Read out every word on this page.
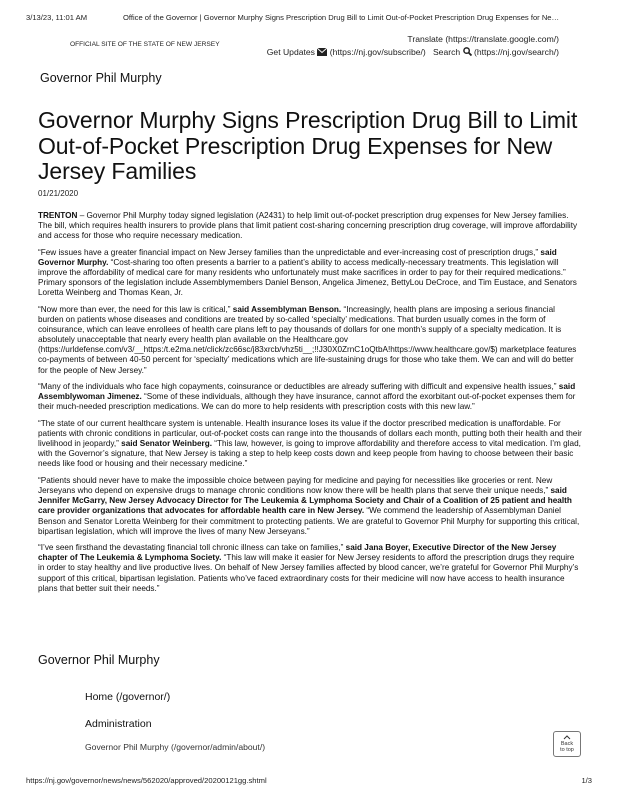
3/13/23, 11:01 AM	Office of the Governor | Governor Murphy Signs Prescription Drug Bill to Limit Out-of-Pocket Prescription Drug Expenses for Ne…
OFFICIAL SITE OF THE STATE OF NEW JERSEY
Translate (https://translate.google.com/)
Get Updates (https://nj.gov/subscribe/) Search (https://nj.gov/search/)
Governor Phil Murphy
Governor Murphy Signs Prescription Drug Bill to Limit Out-of-Pocket Prescription Drug Expenses for New Jersey Families
01/21/2020

TRENTON – Governor Phil Murphy today signed legislation (A2431) to help limit out-of-pocket prescription drug expenses for New Jersey families. The bill, which requires health insurers to provide plans that limit patient cost-sharing concerning prescription drug coverage, will improve affordability and access for those who require necessary medication.

“Few issues have a greater financial impact on New Jersey families than the unpredictable and ever-increasing cost of prescription drugs,” said Governor Murphy. “Cost-sharing too often presents a barrier to a patient’s ability to access medically-necessary treatments. This legislation will improve the affordability of medical care for many residents who unfortunately must make sacrifices in order to pay for their required medications.”

Primary sponsors of the legislation include Assemblymembers Daniel Benson, Angelica Jimenez, BettyLou DeCroce, and Tim Eustace, and Senators Loretta Weinberg and Thomas Kean, Jr.

“Now more than ever, the need for this law is critical,” said Assemblyman Benson. “Increasingly, health plans are imposing a serious financial burden on patients whose diseases and conditions are treated by so-called ‘specialty’ medications. That burden usually comes in the form of coinsurance, which can leave enrollees of health care plans left to pay thousands of dollars for one month’s supply of a specialty medication. It is absolutely unacceptable that nearly every health plan available on the Healthcare.gov (https://urldefense.com/v3/__https:/t.e2ma.net/click/zc66sc/j83xrcb/vhz5ti__;!!J30X0ZrnC1oQtbA!https://www.healthcare.gov/$) marketplace features co-payments of between 40-50 percent for ‘specialty’ medications which are life-sustaining drugs for those who take them. We can and will do better for the people of New Jersey.”

“Many of the individuals who face high copayments, coinsurance or deductibles are already suffering with difficult and expensive health issues,” said Assemblywoman Jimenez. “Some of these individuals, although they have insurance, cannot afford the exorbitant out-of-pocket expenses them for their much-needed prescription medications. We can do more to help residents with prescription costs with this new law.”

“The state of our current healthcare system is untenable. Health insurance loses its value if the doctor prescribed medication is unaffordable. For patients with chronic conditions in particular, out-of-pocket costs can range into the thousands of dollars each month, putting both their health and their livelihood in jeopardy,” said Senator Weinberg. “This law, however, is going to improve affordability and therefore access to vital medication. I’m glad, with the Governor’s signature, that New Jersey is taking a step to help keep costs down and keep people from having to choose between their basic needs like food or housing and their necessary medicine.”

“Patients should never have to make the impossible choice between paying for medicine and paying for necessities like groceries or rent. New Jerseyans who depend on expensive drugs to manage chronic conditions now know there will be health plans that serve their unique needs,” said Jennifer McGarry, New Jersey Advocacy Director for The Leukemia & Lymphoma Society and Chair of a Coalition of 25 patient and health care provider organizations that advocates for affordable health care in New Jersey. “We commend the leadership of Assemblyman Daniel Benson and Senator Loretta Weinberg for their commitment to protecting patients. We are grateful to Governor Phil Murphy for supporting this critical, bipartisan legislation, which will improve the lives of many New Jerseyans.”

“I’ve seen firsthand the devastating financial toll chronic illness can take on families,” said Jana Boyer, Executive Director of the New Jersey chapter of The Leukemia & Lymphoma Society. “This law will make it easier for New Jersey residents to afford the prescription drugs they require in order to stay healthy and live productive lives. On behalf of New Jersey families affected by blood cancer, we’re grateful for Governor Phil Murphy’s support of this critical, bipartisan legislation. Patients who’ve faced extraordinary costs for their medicine will now have access to health insurance plans that better suit their needs.”

Governor Phil Murphy
Home (/governor/)
Administration
Governor Phil Murphy (/governor/admin/about/)	Back
to top
https://nj.gov/governor/news/news/562020/approved/20200121gg.shtml	1/3
